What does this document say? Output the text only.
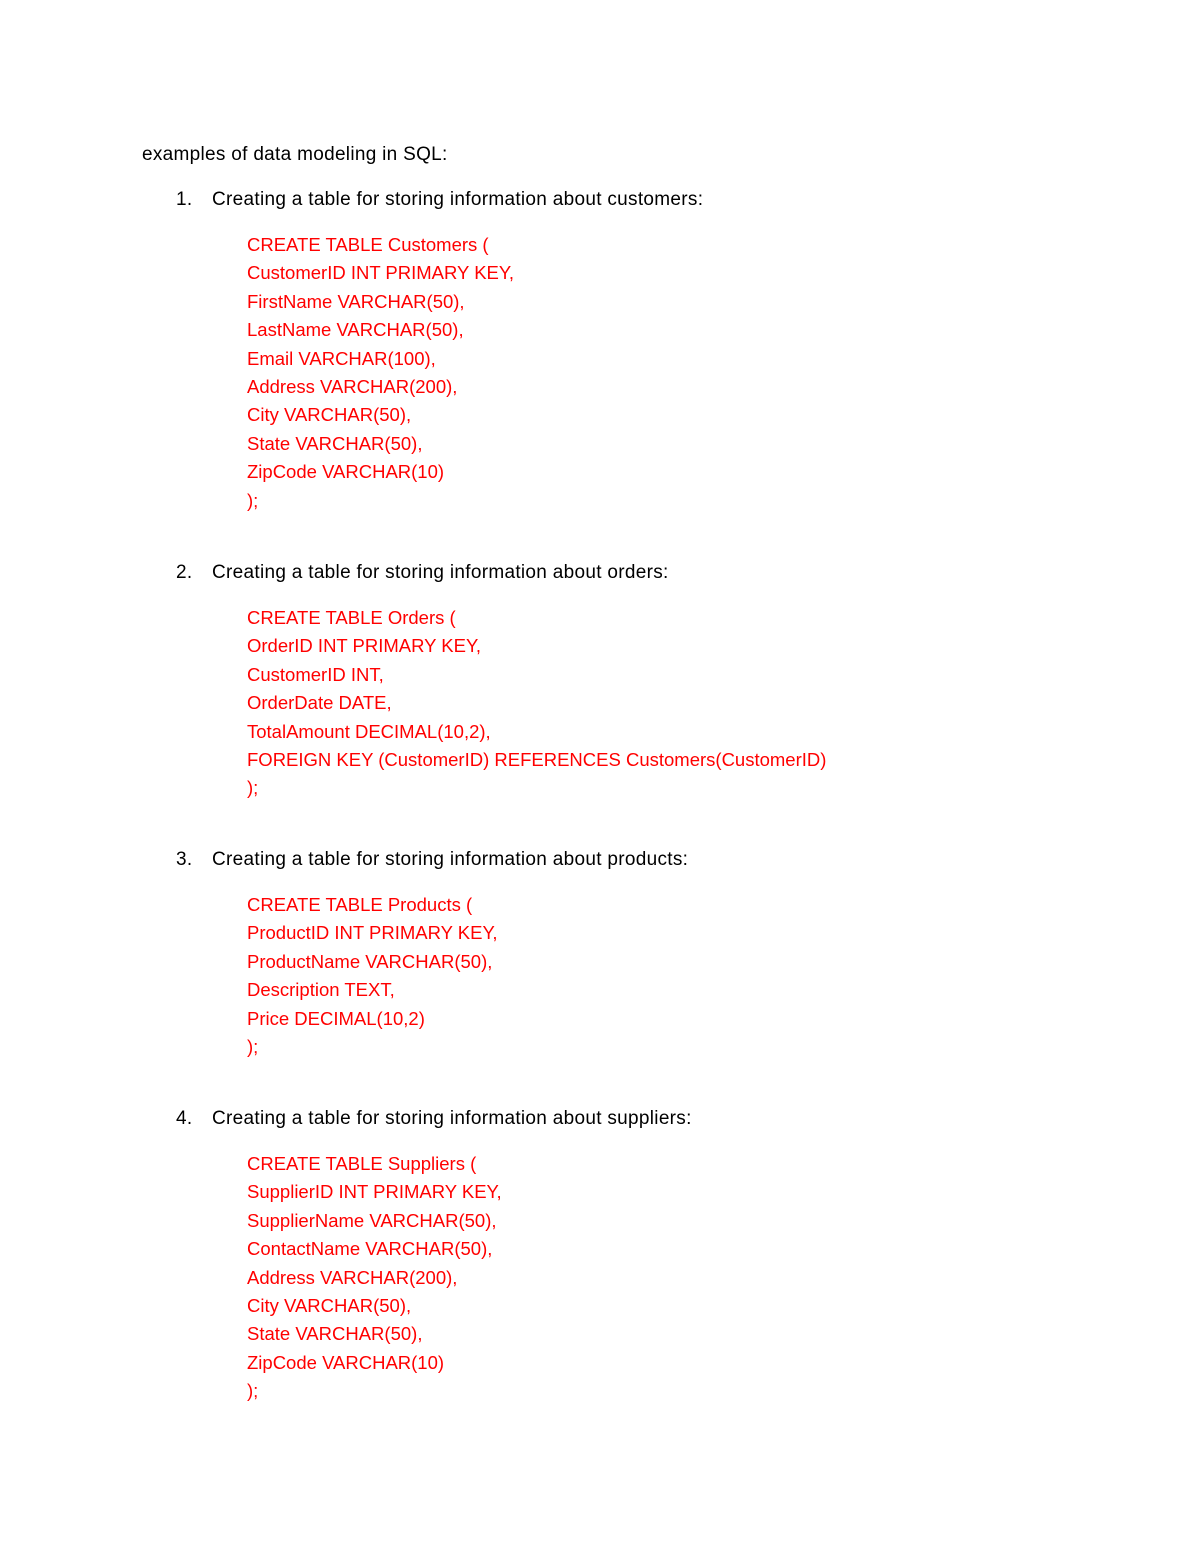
examples of data modeling in SQL:
1. Creating a table for storing information about customers:
CREATE TABLE Customers (
CustomerID INT PRIMARY KEY,
FirstName VARCHAR(50),
LastName VARCHAR(50),
Email VARCHAR(100),
Address VARCHAR(200),
City VARCHAR(50),
State VARCHAR(50),
ZipCode VARCHAR(10)
);
2. Creating a table for storing information about orders:
CREATE TABLE Orders (
OrderID INT PRIMARY KEY,
CustomerID INT,
OrderDate DATE,
TotalAmount DECIMAL(10,2),
FOREIGN KEY (CustomerID) REFERENCES Customers(CustomerID)
);
3. Creating a table for storing information about products:
CREATE TABLE Products (
ProductID INT PRIMARY KEY,
ProductName VARCHAR(50),
Description TEXT,
Price DECIMAL(10,2)
);
4. Creating a table for storing information about suppliers:
CREATE TABLE Suppliers (
SupplierID INT PRIMARY KEY,
SupplierName VARCHAR(50),
ContactName VARCHAR(50),
Address VARCHAR(200),
City VARCHAR(50),
State VARCHAR(50),
ZipCode VARCHAR(10)
);
